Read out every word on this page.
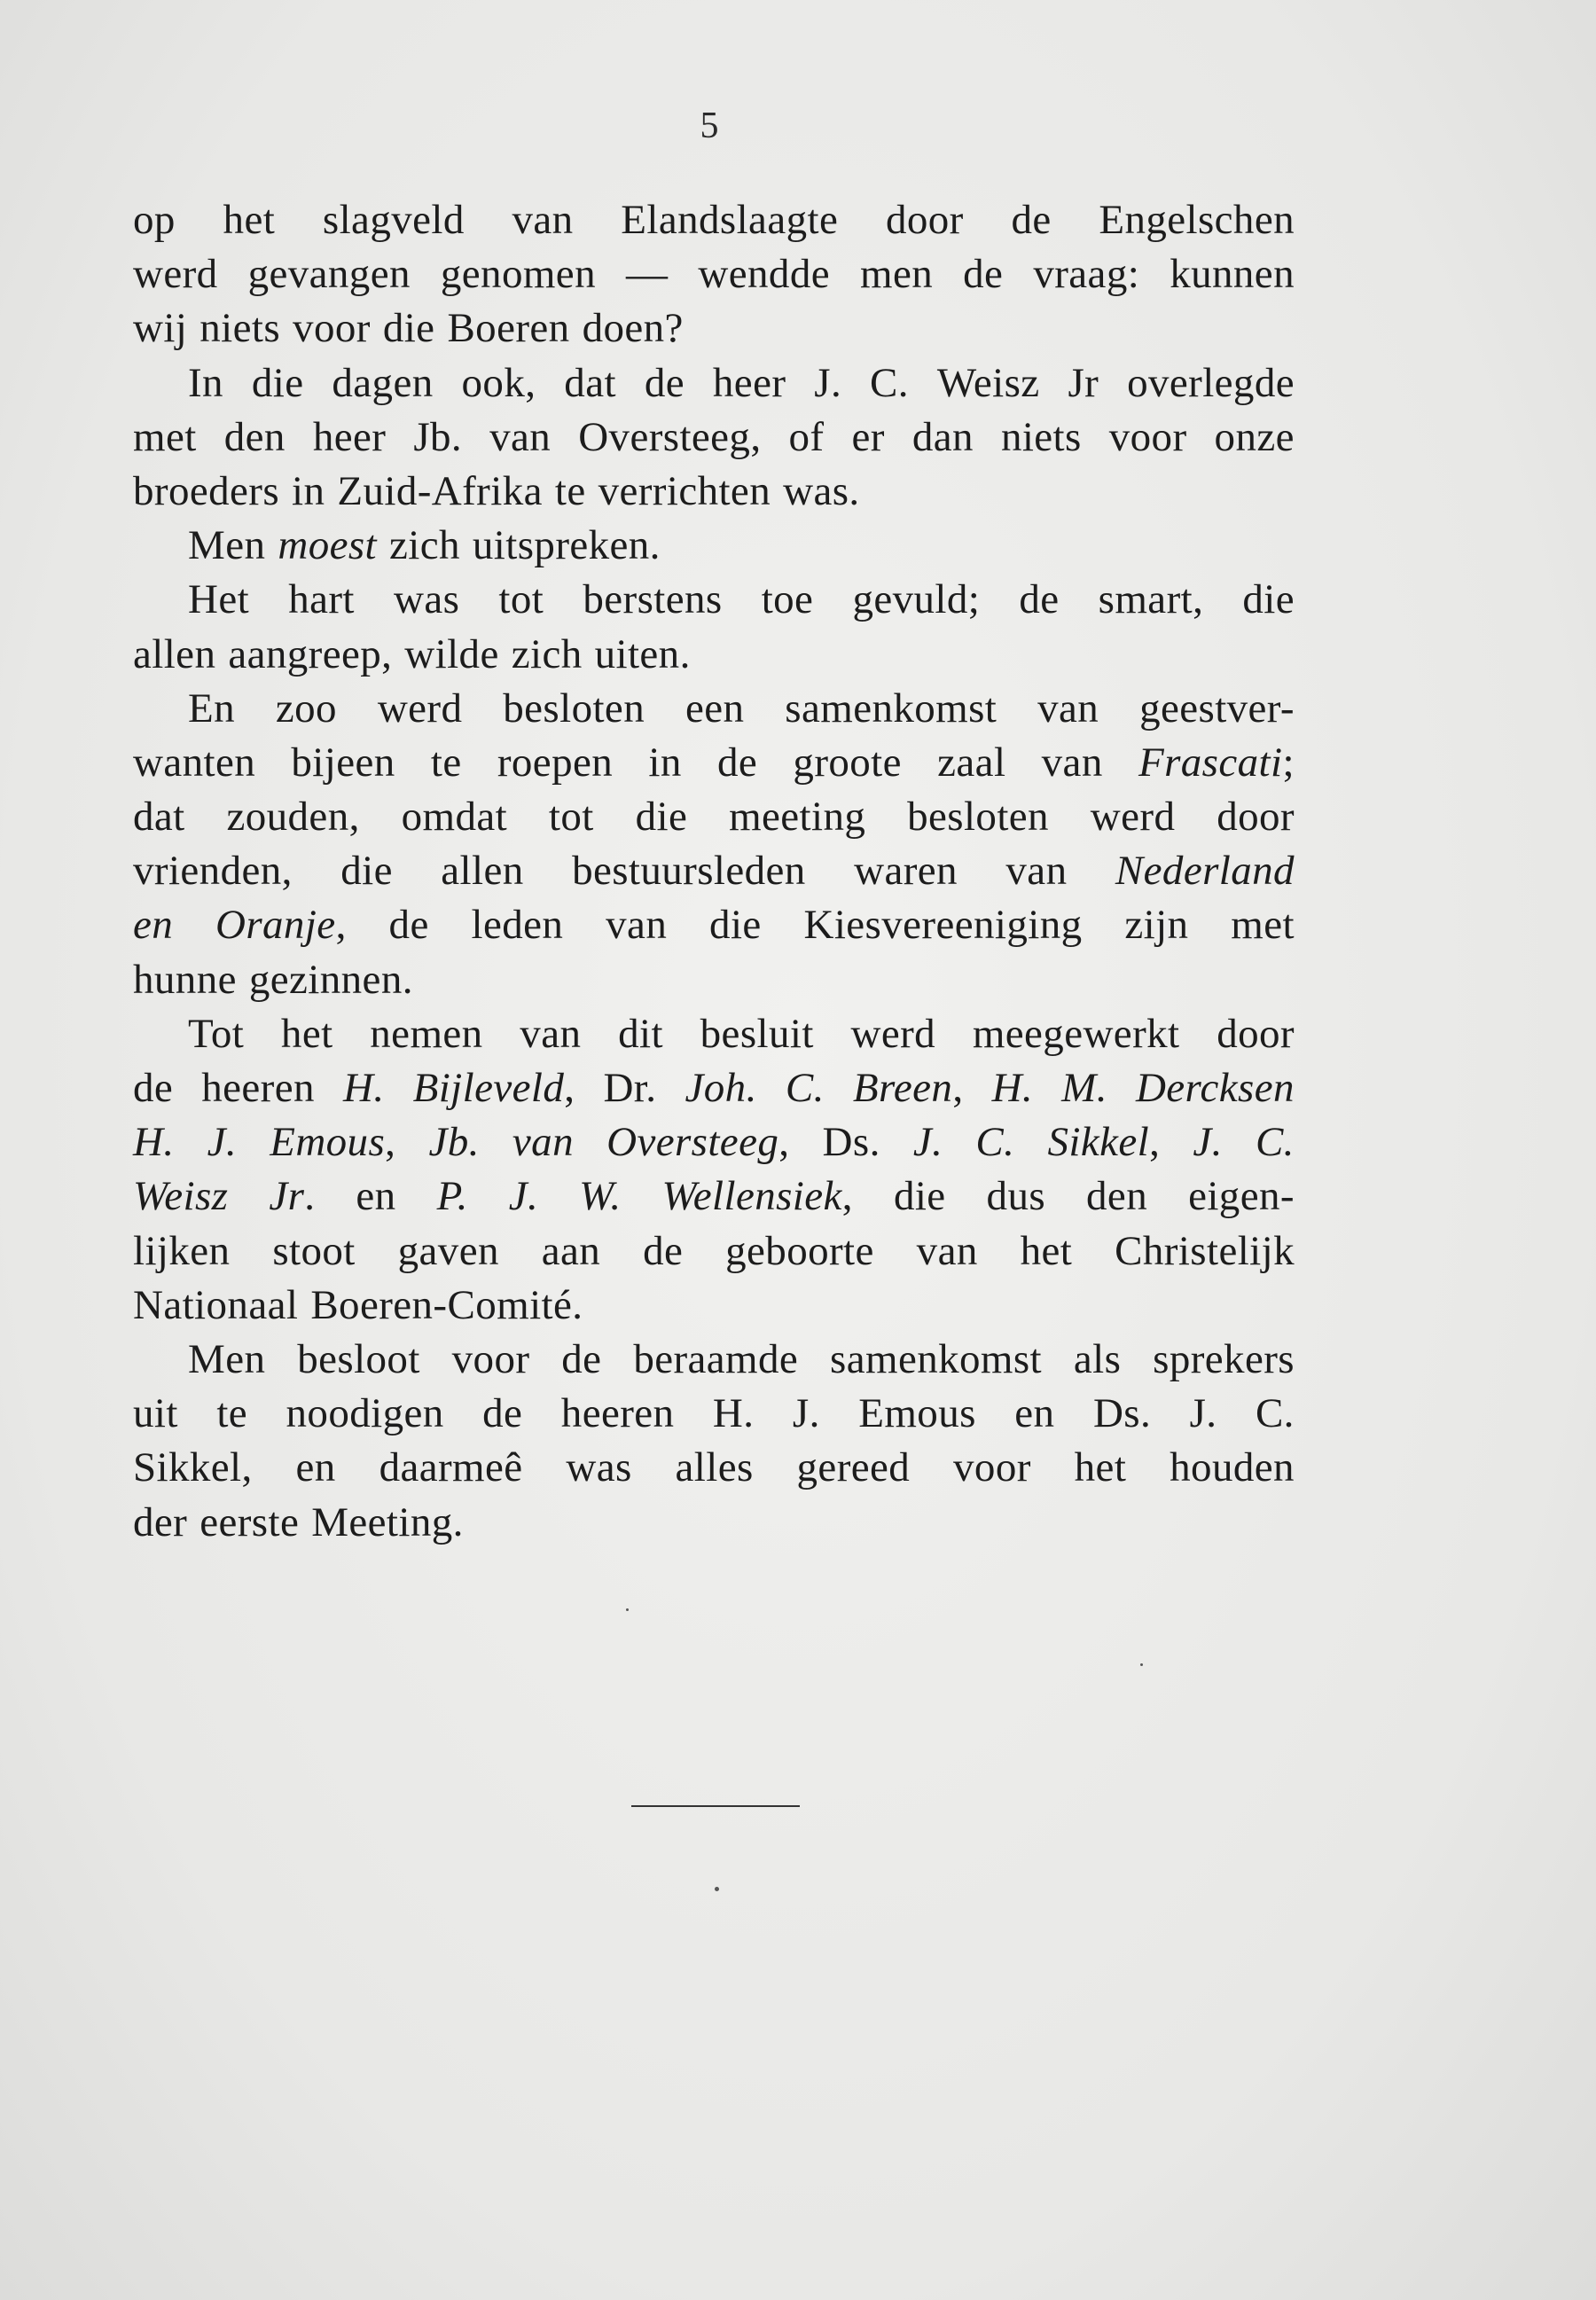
5
op het slagveld van Elandslaagte door de Engelschen
werd gevangen genomen — wendde men de vraag: kunnen
wij niets voor die Boeren doen?
In die dagen ook, dat de heer J. C. Weisz Jr overlegde
met den heer Jb. van Oversteeg, of er dan niets voor onze
broeders in Zuid-Afrika te verrichten was.
Men moest zich uitspreken.
Het hart was tot berstens toe gevuld; de smart, die
allen aangreep, wilde zich uiten.
En zoo werd besloten een samenkomst van geestver-
wanten bijeen te roepen in de groote zaal van Frascati;
dat zouden, omdat tot die meeting besloten werd door
vrienden, die allen bestuursleden waren van Nederland
en Oranje, de leden van die Kiesvereeniging zijn met
hunne gezinnen.
Tot het nemen van dit besluit werd meegewerkt door
de heeren H. Bijleveld, Dr. Joh. C. Breen, H. M. Dercksen
H. J. Emous, Jb. van Oversteeg, Ds. J. C. Sikkel, J. C.
Weisz Jr. en P. J. W. Wellensiek, die dus den eigen-
lijken stoot gaven aan de geboorte van het Christelijk
Nationaal Boeren-Comité.
Men besloot voor de beraamde samenkomst als sprekers
uit te noodigen de heeren H. J. Emous en Ds. J. C.
Sikkel, en daarmeê was alles gereed voor het houden
der eerste Meeting.
